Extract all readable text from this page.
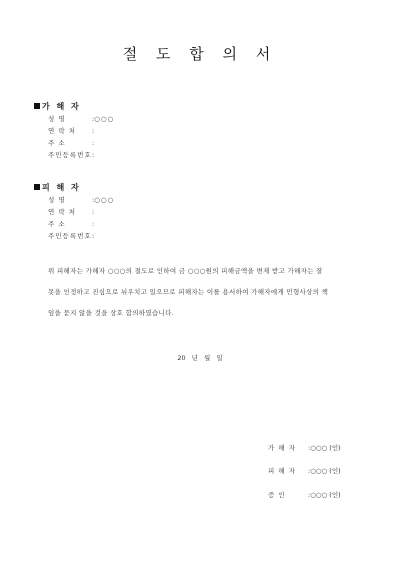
절 도 합 의 서
가 해 자
성 명	:○○○
연 락 처 :
주 소	:
주민등록번호:
피 해 자
성 명	:○○○
연 락 처 :
주 소	:
주민등록번호:
위 피해자는 가해자 ○○○의 절도로 인하여 금 ○○○원의 피해금액을 변제 받고 가해자는 잘
못을 인정하고 진심으로 뉘우치고 있으므로 피해자는 이를 용서하여 가해자에게 민형사상의 책
임을 묻지 않을 것을 상호 합의하였습니다.
20 년 월 일
가 해 자 :○○○ (인)
피 해 자 :○○○ (인)
증 인	:○○○ (인)
